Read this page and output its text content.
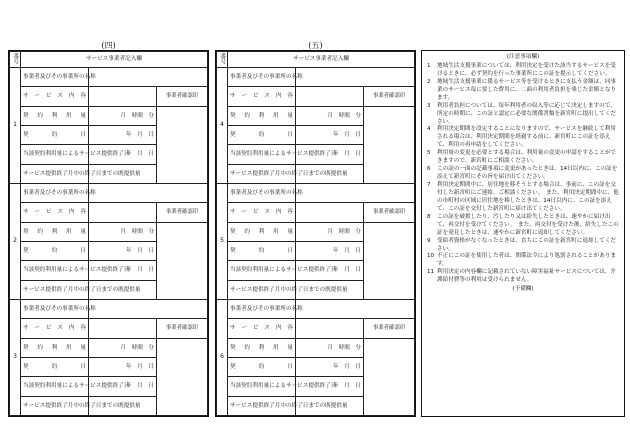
(四)	(五)
番号	サービス事業者記入欄		
1	事業者及びその事業所の名称		
	サービス内容		事業者確認印
	契約利用量	月　時間　分	
	契約日	年　月　日	
	当該契約利用量によるサービス提供終了日	年　月　日	
	サービス提供終了月中の終了日までの既提供量		
2	事業者及びその事業所の名称		
	サービス内容		事業者確認印
	契約利用量	月　時間　分	
	契約日	年　月　日	
	当該契約利用量によるサービス提供終了日	年　月　日	
	サービス提供終了月中の終了日までの既提供量		
3	事業者及びその事業所の名称		
	サービス内容		事業者確認印
	契約利用量	月　時間　分	
	契約日	年　月　日	
	当該契約利用量によるサービス提供終了日	年　月　日	
	サービス提供終了月中の終了日までの既提供量		
番号	サービス事業者記入欄		
4	事業者及びその事業所の名称		
	サービス内容		事業者確認印
	契約利用量	月　時間　分	
	契約日	年　月　日	
	当該契約利用量によるサービス提供終了日	年　月　日	
	サービス提供終了月中の終了日までの既提供量		
5	事業者及びその事業所の名称		
	サービス内容		事業者確認印
	契約利用量	月　時間　分	
	契約日	年　月　日	
	当該契約利用量によるサービス提供終了日	年　月　日	
	サービス提供終了月中の終了日までの既提供量		
6	事業者及びその事業所の名称		
	サービス内容		事業者確認印
	契約利用量	月　時間　分	
	契約日	年　月　日	
	当該契約利用量によるサービス提供終了日	年　月　日	
	サービス提供終了月中の終了日までの既提供量		
(注意事項欄)
1	地域生活支援事業については、利用決定を受けた該当するサービスを受けるときに、必ず契約を行った事業所にこの証を提示してください。
2	地域生活支援事業に係るサービス等を受けるときに支払う金額は、同事業のサービス毎に要した費用に、二面の利用者負担を乗じた金額となります。
3	利用者負担については、毎年利用者の収入等に応じて決定しますので、所定の時期に、この証と認定に必要な関係書類を新宮町に提出してください。
4	利用決定期間を設定することになりますので、サービスを継続して利用される場合は、利用決定期間を経過する前に、新宮町にこの証を添えて、利用の再申請をしてください。
5	利用量の変更を必要とする場合は、利用量の変更の申請をすることができますので、新宮町にご相談ください。
6	この証の一面の記載事項に変更があったときは、14日以内に、この証を添えて新宮町にその旨を届け出てください。
7	利用決定期間中に、居住地を移そうとする場合は、事前に、この証を交付した新宮町にご連絡、ご相談ください。　また、利用決定期間中に、他の市町村の区域に居住地を移したときは、14日以内に、この証を添えて、この証を交付した新宮町に届け出てください。
8	この証を破損したり、汚したり又は紛失したときは、速やかに届け出て、再交付を受けてください。　また、再交付を受けた後、紛失したこの証を発見したときは、速やかに新宮町に返却してください。
9	受給者資格がなくなったときは、直ちにこの証を新宮町に返却してください。
10 不正にこの証を使用した者は、関係法令により処罰されることがあります。
11 利用決定の内容欄に記載されていない障害福祉サービスについては、介護給付費等の利用は受けられません。
(予備欄)
